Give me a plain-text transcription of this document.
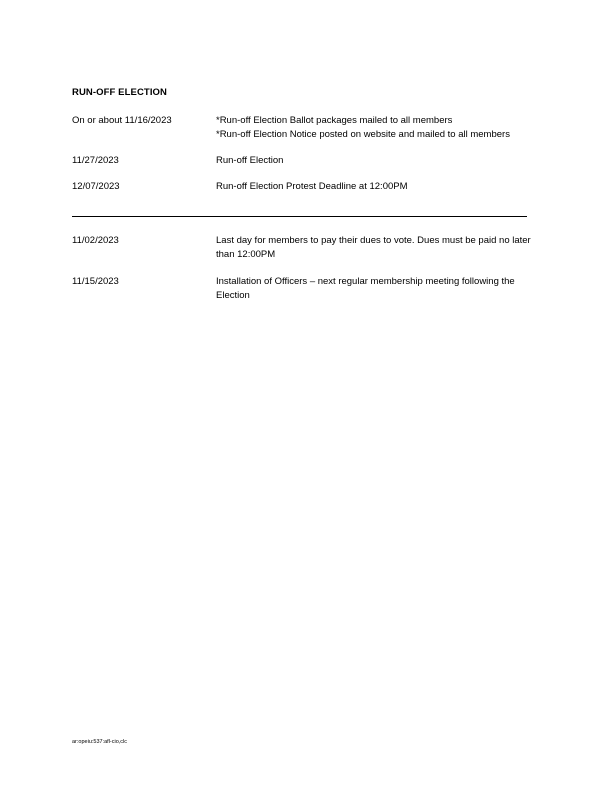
RUN-OFF ELECTION
On or about 11/16/2023	*Run-off Election Ballot packages mailed to all members
*Run-off Election Notice posted on website and mailed to all members
11/27/2023	Run-off Election
12/07/2023	Run-off Election Protest Deadline at 12:00PM
11/02/2023	Last day for members to pay their dues to vote. Dues must be paid no later than 12:00PM
11/15/2023	Installation of Officers – next regular membership meeting following the Election
ar:opeiu:537:afl-cio,clc
